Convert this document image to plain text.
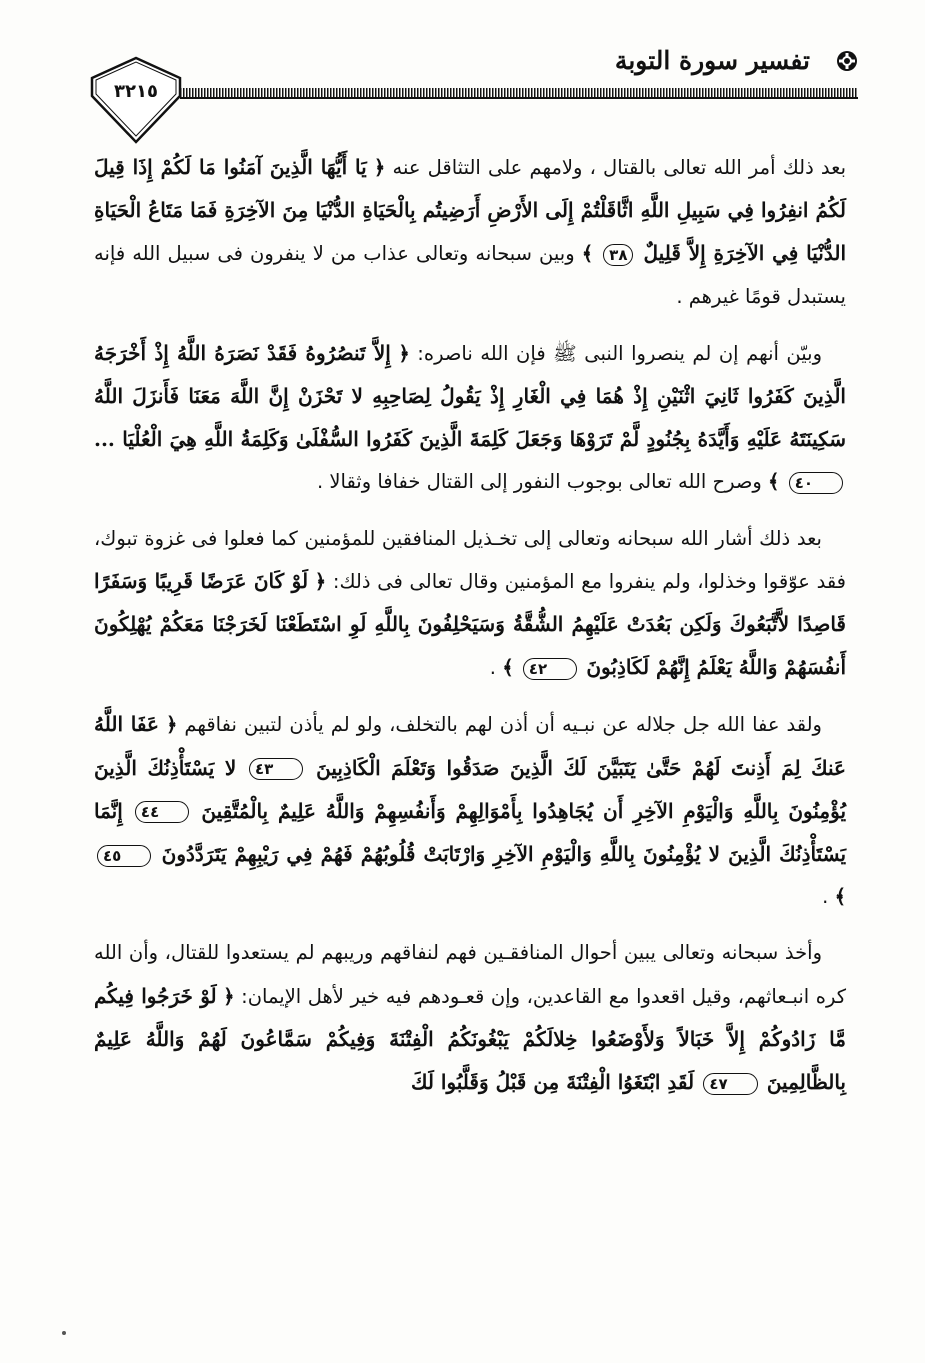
تفسير سورة التوبة
٣٢١٥

بعد ذلك أمر الله تعالى بالقتال ، ولامهم على التثاقل عنه ﴿ يَا أَيُّهَا الَّذِينَ آمَنُوا مَا لَكُمْ إِذَا قِيلَ لَكُمُ انفِرُوا فِي سَبِيلِ اللَّهِ اثَّاقَلْتُمْ إِلَى الأَرْضِ أَرَضِيتُم بِالْحَيَاةِ الدُّنْيَا مِنَ الآخِرَةِ فَمَا مَتَاعُ الْحَيَاةِ الدُّنْيَا فِي الآخِرَةِ إِلاَّ قَلِيلٌ ٣٨ ﴾ وبين سبحانه وتعالى عذاب من لا ينفرون فى سبيل الله فإنه يستبدل قومًا غيرهم .

وبيّن أنهم إن لم ينصروا النبى ﷺ فإن الله ناصره: ﴿ إِلاَّ تَنصُرُوهُ فَقَدْ نَصَرَهُ اللَّهُ إِذْ أَخْرَجَهُ الَّذِينَ كَفَرُوا ثَانِيَ اثْنَيْنِ إِذْ هُمَا فِي الْغَارِ إِذْ يَقُولُ لِصَاحِبِهِ لا تَحْزَنْ إِنَّ اللَّهَ مَعَنَا فَأَنزَلَ اللَّهُ سَكِينَتَهُ عَلَيْهِ وَأَيَّدَهُ بِجُنُودٍ لَّمْ تَرَوْهَا وَجَعَلَ كَلِمَةَ الَّذِينَ كَفَرُوا السُّفْلَىٰ وَكَلِمَةُ اللَّهِ هِيَ الْعُلْيَا ... ٤٠ ﴾ وصرح الله تعالى بوجوب النفور إلى القتال خفافا وثقالا .

بعد ذلك أشار الله سبحانه وتعالى إلى تخـذيل المنافقين للمؤمنين كما فعلوا فى غزوة تبوك، فقد عوّقوا وخذلوا، ولم ينفروا مع المؤمنين وقال تعالى فى ذلك: ﴿ لَوْ كَانَ عَرَضًا قَرِيبًا وَسَفَرًا قَاصِدًا لاَّتَّبَعُوكَ وَلَكِن بَعُدَتْ عَلَيْهِمُ الشُّقَّةُ وَسَيَحْلِفُونَ بِاللَّهِ لَوِ اسْتَطَعْنَا لَخَرَجْنَا مَعَكُمْ يُهْلِكُونَ أَنفُسَهُمْ وَاللَّهُ يَعْلَمُ إِنَّهُمْ لَكَاذِبُونَ ٤٢ ﴾ .

ولقد عفا الله جل جلاله عن نبـيه أن أذن لهم بالتخلف، ولو لم يأذن لتبين نفاقهم ﴿ عَفَا اللَّهُ عَنكَ لِمَ أَذِنتَ لَهُمْ حَتَّىٰ يَتَبَيَّنَ لَكَ الَّذِينَ صَدَقُوا وَتَعْلَمَ الْكَاذِبِينَ ٤٣ لا يَسْتَأْذِنُكَ الَّذِينَ يُؤْمِنُونَ بِاللَّهِ وَالْيَوْمِ الآخِرِ أَن يُجَاهِدُوا بِأَمْوَالِهِمْ وَأَنفُسِهِمْ وَاللَّهُ عَلِيمٌ بِالْمُتَّقِينَ ٤٤ إِنَّمَا يَسْتَأْذِنُكَ الَّذِينَ لا يُؤْمِنُونَ بِاللَّهِ وَالْيَوْمِ الآخِرِ وَارْتَابَتْ قُلُوبُهُمْ فَهُمْ فِي رَيْبِهِمْ يَتَرَدَّدُونَ ٤٥ ﴾ .

وأخذ سبحانه وتعالى يبين أحوال المنافقـين فهم لنفاقهم وريبهم لم يستعدوا للقتال، وأن الله كره انبـعاثهم، وقيل اقعدوا مع القاعدين، وإن قعـودهم فيه خير لأهل الإيمان: ﴿ لَوْ خَرَجُوا فِيكُم مَّا زَادُوكُمْ إِلاَّ خَبَالاً وَلأَوْضَعُوا خِلالَكُمْ يَبْغُونَكُمُ الْفِتْنَةَ وَفِيكُمْ سَمَّاعُونَ لَهُمْ وَاللَّهُ عَلِيمٌ بِالظَّالِمِينَ ٤٧ لَقَدِ ابْتَغَوُا الْفِتْنَةَ مِن قَبْلُ وَقَلَّبُوا لَكَ
